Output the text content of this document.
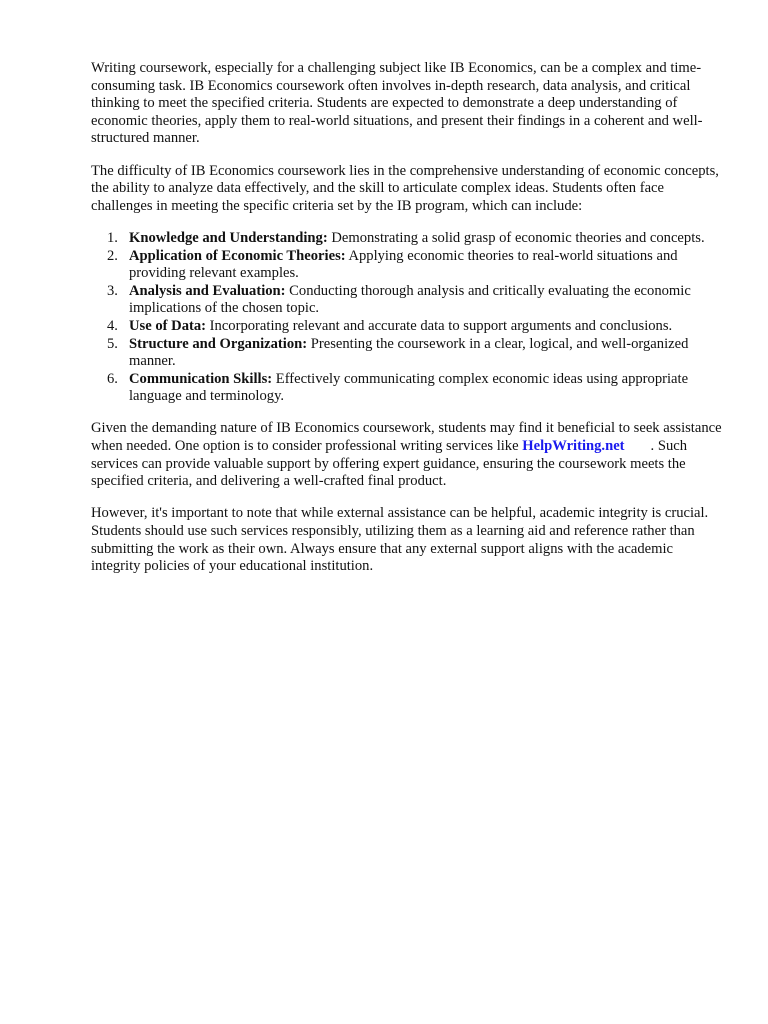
Writing coursework, especially for a challenging subject like IB Economics, can be a complex and time-consuming task. IB Economics coursework often involves in-depth research, data analysis, and critical thinking to meet the specified criteria. Students are expected to demonstrate a deep understanding of economic theories, apply them to real-world situations, and present their findings in a coherent and well-structured manner.

The difficulty of IB Economics coursework lies in the comprehensive understanding of economic concepts, the ability to analyze data effectively, and the skill to articulate complex ideas. Students often face challenges in meeting the specific criteria set by the IB program, which can include:

1. Knowledge and Understanding: Demonstrating a solid grasp of economic theories and concepts.
2. Application of Economic Theories: Applying economic theories to real-world situations and providing relevant examples.
3. Analysis and Evaluation: Conducting thorough analysis and critically evaluating the economic implications of the chosen topic.
4. Use of Data: Incorporating relevant and accurate data to support arguments and conclusions.
5. Structure and Organization: Presenting the coursework in a clear, logical, and well-organized manner.
6. Communication Skills: Effectively communicating complex economic ideas using appropriate language and terminology.

Given the demanding nature of IB Economics coursework, students may find it beneficial to seek assistance when needed. One option is to consider professional writing services like HelpWriting.net . Such services can provide valuable support by offering expert guidance, ensuring the coursework meets the specified criteria, and delivering a well-crafted final product.

However, it's important to note that while external assistance can be helpful, academic integrity is crucial. Students should use such services responsibly, utilizing them as a learning aid and reference rather than submitting the work as their own. Always ensure that any external support aligns with the academic integrity policies of your educational institution.
